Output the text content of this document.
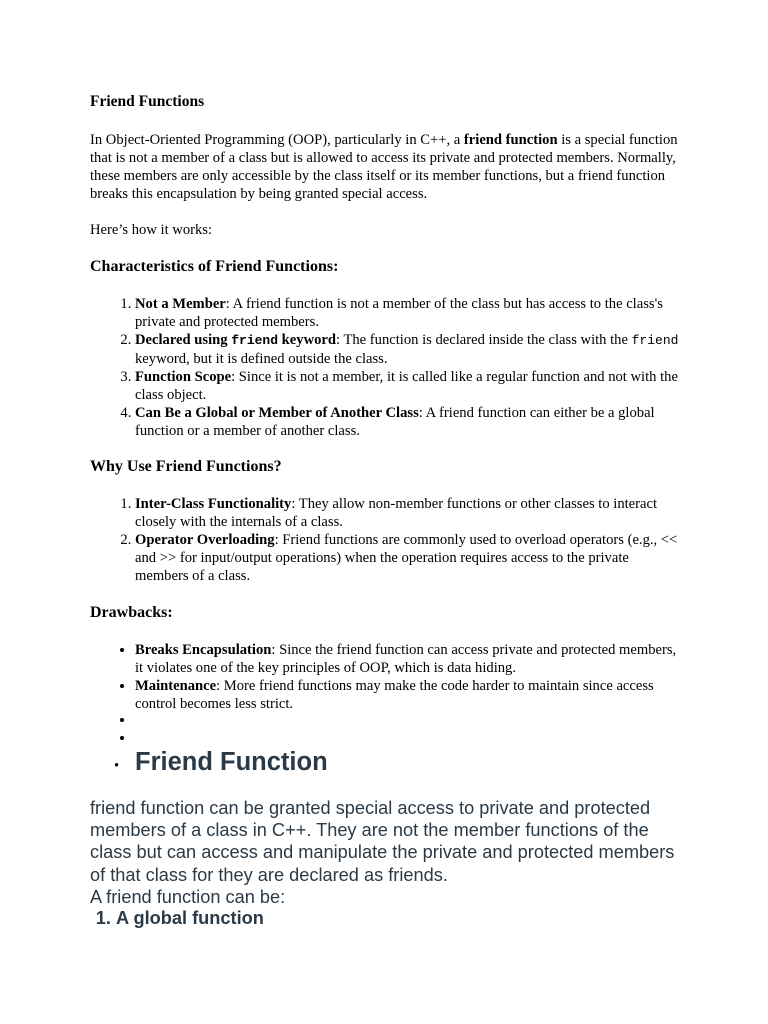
Friend Functions

In Object-Oriented Programming (OOP), particularly in C++, a friend function is a special function that is not a member of a class but is allowed to access its private and protected members. Normally, these members are only accessible by the class itself or its member functions, but a friend function breaks this encapsulation by being granted special access.

Here’s how it works:

Characteristics of Friend Functions:
1. Not a Member: A friend function is not a member of the class but has access to the class's private and protected members.
2. Declared using friend keyword: The function is declared inside the class with the friend keyword, but it is defined outside the class.
3. Function Scope: Since it is not a member, it is called like a regular function and not with the class object.
4. Can Be a Global or Member of Another Class: A friend function can either be a global function or a member of another class.
Why Use Friend Functions?
1. Inter-Class Functionality: They allow non-member functions or other classes to interact closely with the internals of a class.
2. Operator Overloading: Friend functions are commonly used to overload operators (e.g., << and >> for input/output operations) when the operation requires access to the private members of a class.
Drawbacks:
• Breaks Encapsulation: Since the friend function can access private and protected members, it violates one of the key principles of OOP, which is data hiding.
• Maintenance: More friend functions may make the code harder to maintain since access control becomes less strict.
•
•
• Friend Function

friend function can be granted special access to private and protected members of a class in C++. They are not the member functions of the class but can access and manipulate the private and protected members of that class for they are declared as friends.
A friend function can be:

1. A global function
